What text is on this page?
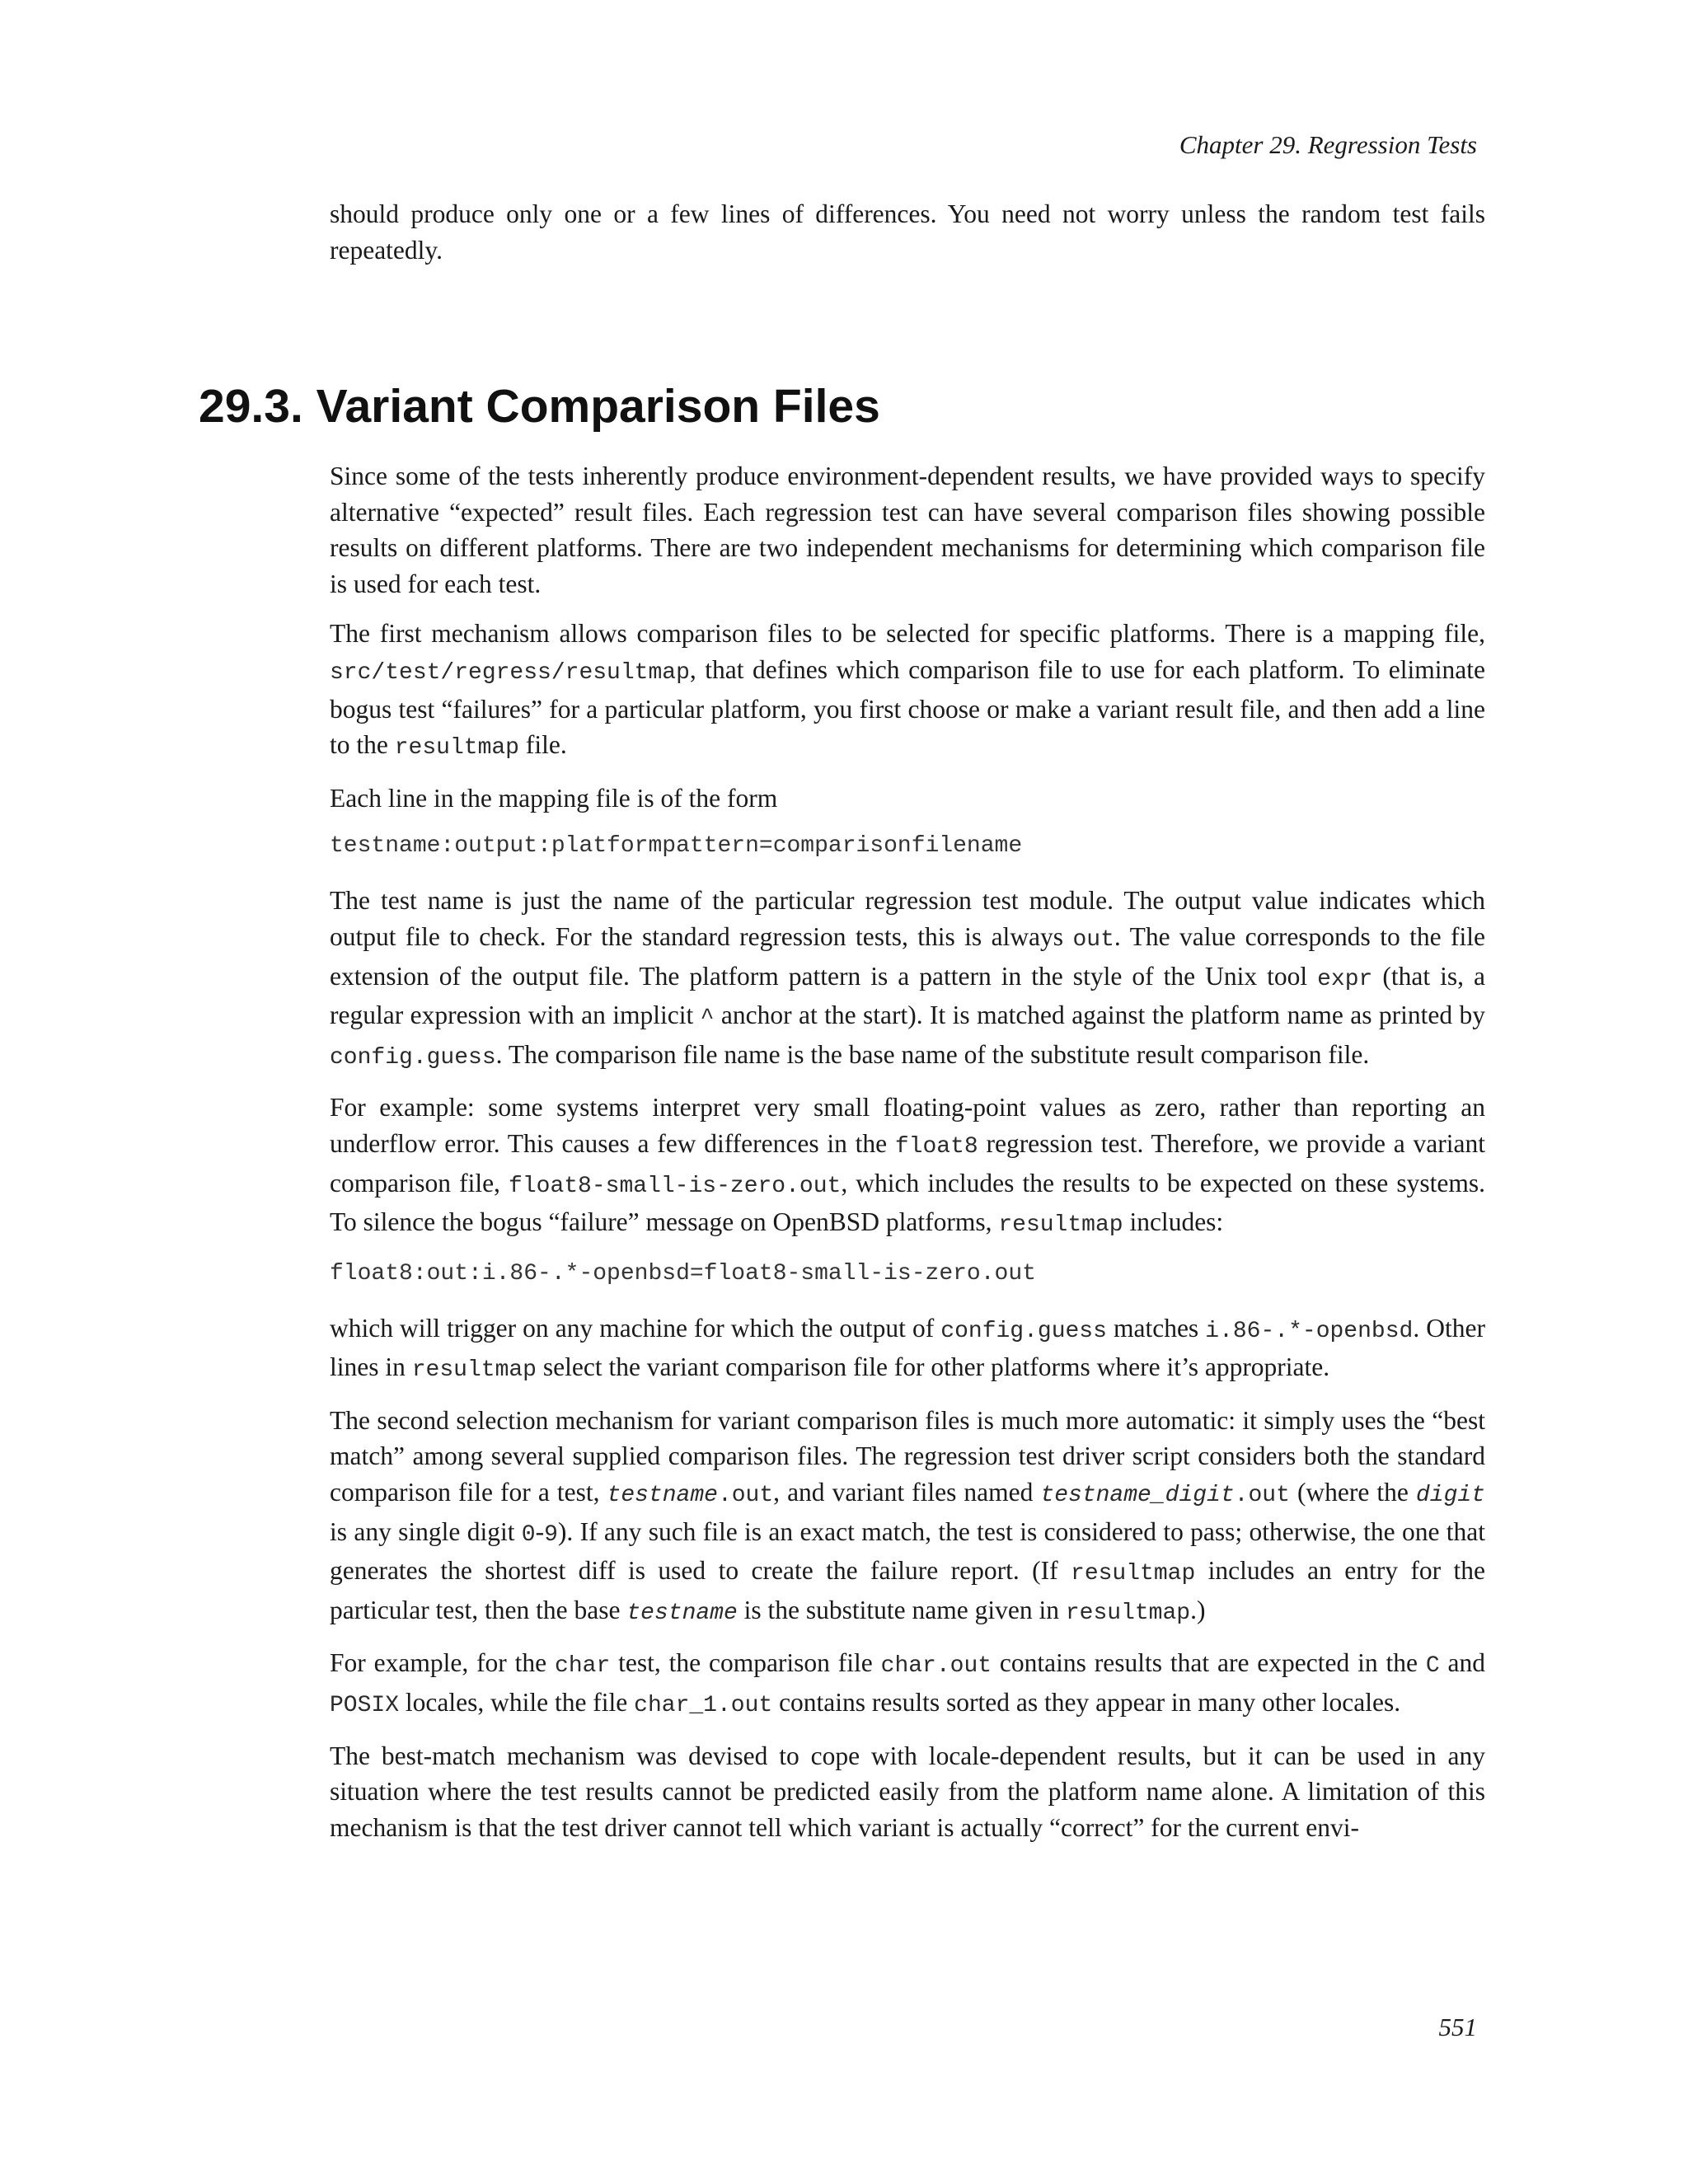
Chapter 29. Regression Tests

should produce only one or a few lines of differences. You need not worry unless the random test fails repeatedly.

29.3. Variant Comparison Files

Since some of the tests inherently produce environment-dependent results, we have provided ways to specify alternative “expected” result files. Each regression test can have several comparison files showing possible results on different platforms. There are two independent mechanisms for determining which comparison file is used for each test.

The first mechanism allows comparison files to be selected for specific platforms. There is a mapping file, src/test/regress/resultmap, that defines which comparison file to use for each platform. To eliminate bogus test “failures” for a particular platform, you first choose or make a variant result file, and then add a line to the resultmap file.

Each line in the mapping file is of the form

testname:output:platformpattern=comparisonfilename

The test name is just the name of the particular regression test module. The output value indicates which output file to check. For the standard regression tests, this is always out. The value corresponds to the file extension of the output file. The platform pattern is a pattern in the style of the Unix tool expr (that is, a regular expression with an implicit ^ anchor at the start). It is matched against the platform name as printed by config.guess. The comparison file name is the base name of the substitute result comparison file.

For example: some systems interpret very small floating-point values as zero, rather than reporting an underflow error. This causes a few differences in the float8 regression test. Therefore, we provide a variant comparison file, float8-small-is-zero.out, which includes the results to be expected on these systems. To silence the bogus “failure” message on OpenBSD platforms, resultmap includes:

float8:out:i.86-.*-openbsd=float8-small-is-zero.out

which will trigger on any machine for which the output of config.guess matches i.86-.*-openbsd. Other lines in resultmap select the variant comparison file for other platforms where it’s appropriate.

The second selection mechanism for variant comparison files is much more automatic: it simply uses the “best match” among several supplied comparison files. The regression test driver script considers both the standard comparison file for a test, testname.out, and variant files named testname_digit.out (where the digit is any single digit 0-9). If any such file is an exact match, the test is considered to pass; otherwise, the one that generates the shortest diff is used to create the failure report. (If resultmap includes an entry for the particular test, then the base testname is the substitute name given in resultmap.)

For example, for the char test, the comparison file char.out contains results that are expected in the C and POSIX locales, while the file char_1.out contains results sorted as they appear in many other locales.

The best-match mechanism was devised to cope with locale-dependent results, but it can be used in any situation where the test results cannot be predicted easily from the platform name alone. A limitation of this mechanism is that the test driver cannot tell which variant is actually “correct” for the current envi-

551
